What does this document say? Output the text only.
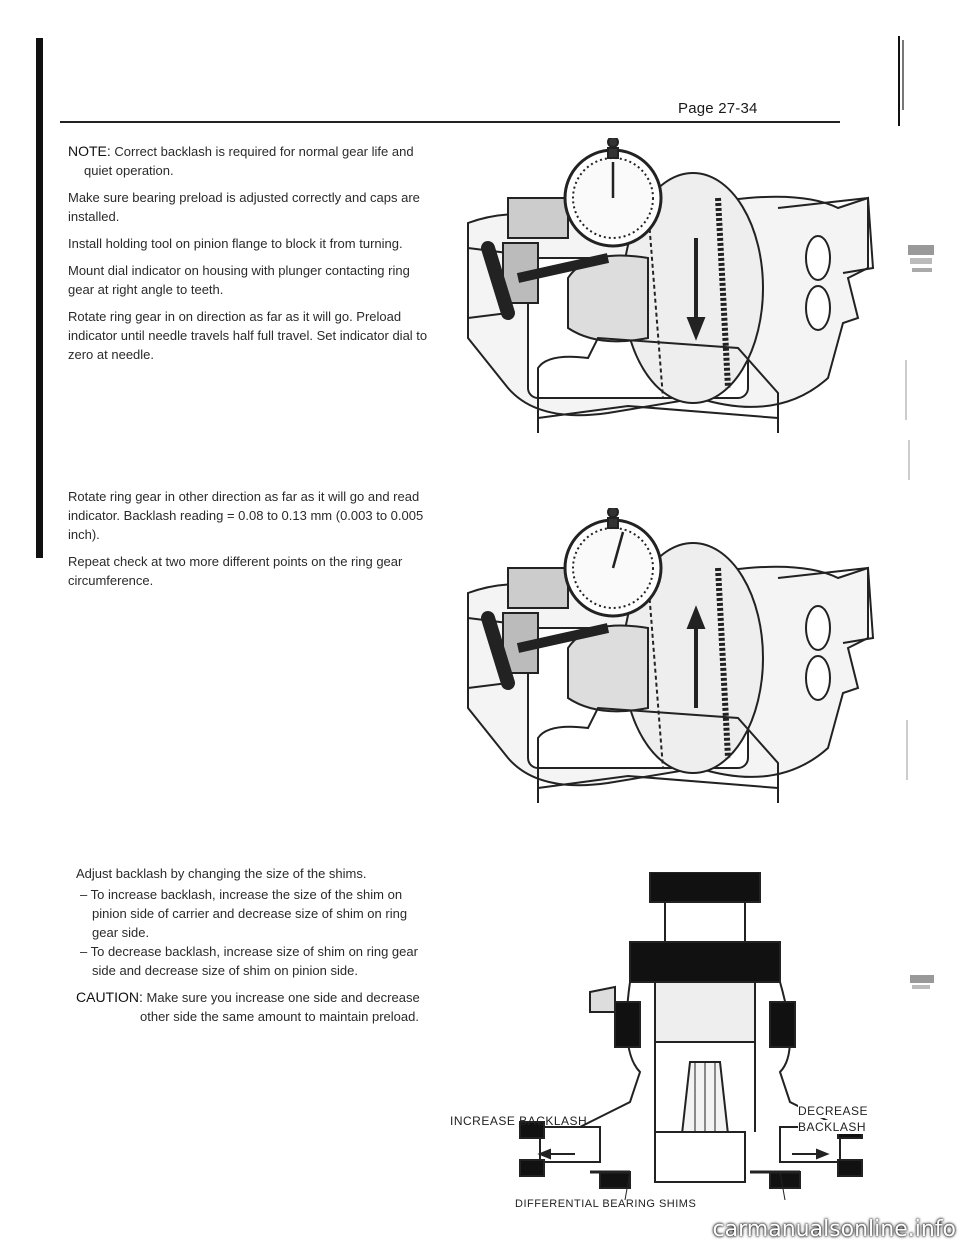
Page 27-34

NOTE: Correct backlash is required for normal gear life and
quiet operation.

Make sure bearing preload is adjusted correctly and caps are installed.

Install holding tool on pinion flange to block it from turning.

Mount dial indicator on housing with plunger contacting ring gear at right angle to teeth.

Rotate ring gear in on direction as far as it will go. Preload indicator until needle travels half full travel. Set indicator dial to zero at needle.

Rotate ring gear in other direction as far as it will go and read indicator. Backlash reading = 0.08 to 0.13 mm (0.003 to 0.005 inch).

Repeat check at two more different points on the ring gear circumference.

Adjust backlash by changing the size of the shims.

– To increase backlash, increase the size of the shim on pinion side of carrier and decrease size of shim on ring gear side.

– To decrease backlash, increase size of shim on ring gear side and decrease size of shim on pinion side.

CAUTION: Make sure you increase one side and decrease
other side the same amount to maintain preload.

INCREASE BACKLASH
DECREASE
BACKLASH
DIFFERENTIAL BEARING SHIMS
carmanualsonline.info
